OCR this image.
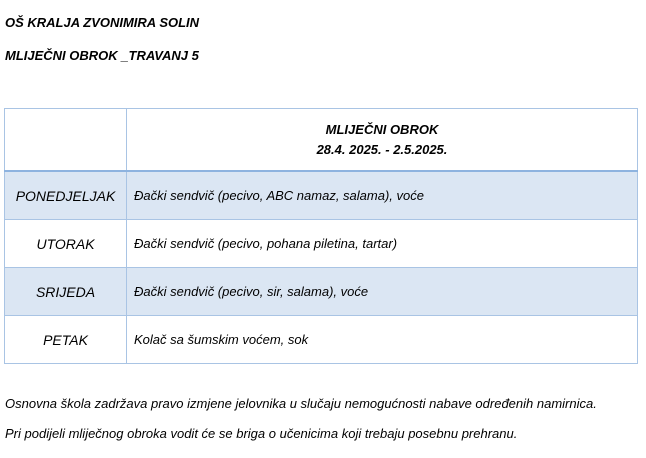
OŠ KRALJA ZVONIMIRA SOLIN

MLIJEČNI OBROK _TRAVANJ 5

	MLIJEČNI OBROK
28.4. 2025. - 2.5.2025.

PONEDJELJAK	Đački sendvič (pecivo, ABC namaz, salama), voće
UTORAK	Đački sendvič (pecivo, pohana piletina, tartar)
SRIJEDA	Đački sendvič (pecivo, sir, salama), voće
PETAK	Kolač sa šumskim voćem, sok

Osnovna škola zadržava pravo izmjene jelovnika u slučaju nemogućnosti nabave određenih namirnica.

Pri podijeli mliječnog obroka vodit će se briga o učenicima koji trebaju posebnu prehranu.
